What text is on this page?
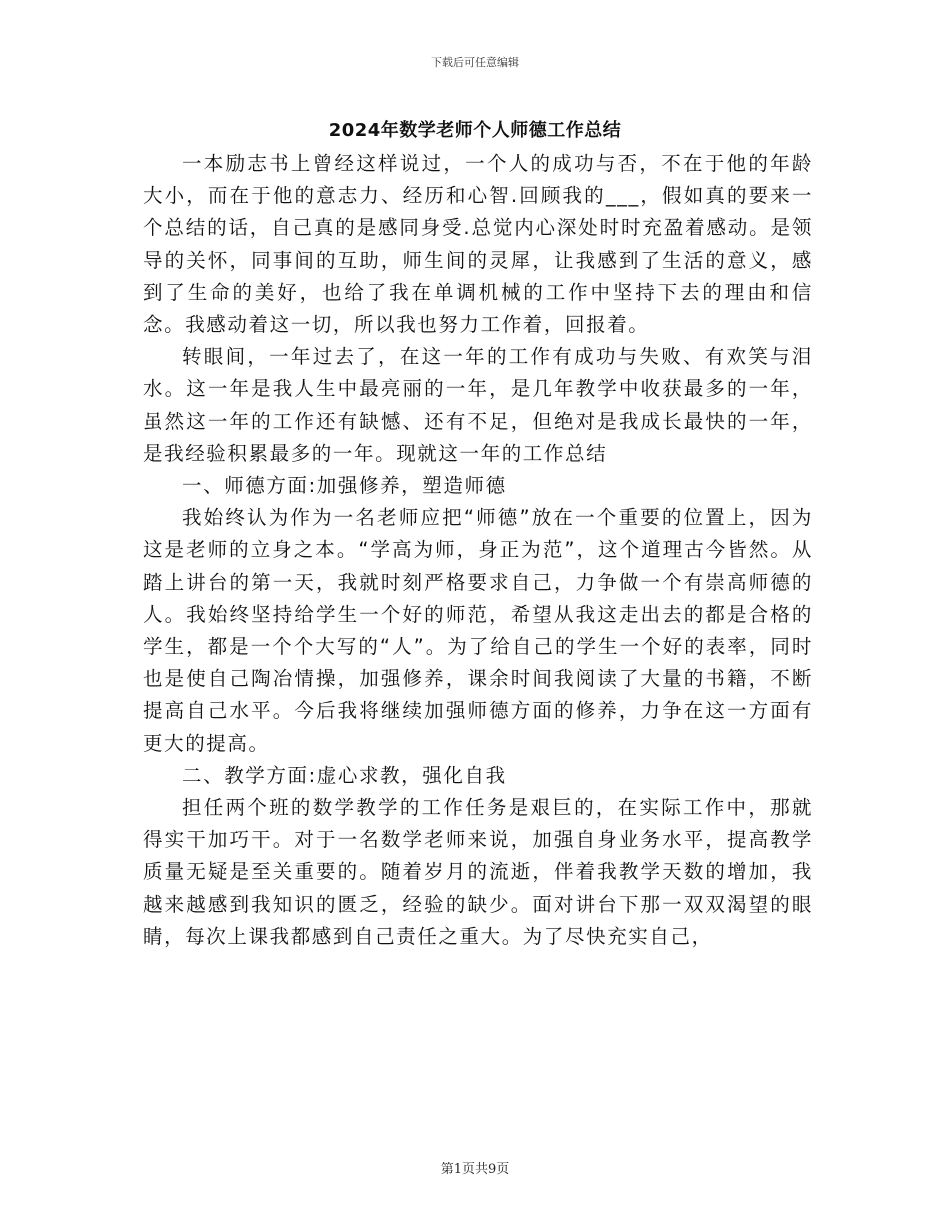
下载后可任意编辑
2024年数学老师个人师德工作总结

一本励志书上曾经这样说过，一个人的成功与否，不在于他的年龄大小，而在于他的意志力、经历和心智.回顾我的___，假如真的要来一个总结的话，自己真的是感同身受.总觉内心深处时时充盈着感动。是领导的关怀，同事间的互助，师生间的灵犀，让我感到了生活的意义，感到了生命的美好，也给了我在单调机械的工作中坚持下去的理由和信念。我感动着这一切，所以我也努力工作着，回报着。

转眼间，一年过去了，在这一年的工作有成功与失败、有欢笑与泪水。这一年是我人生中最亮丽的一年，是几年教学中收获最多的一年，虽然这一年的工作还有缺憾、还有不足，但绝对是我成长最快的一年，是我经验积累最多的一年。现就这一年的工作总结

一、师德方面:加强修养，塑造师德

我始终认为作为一名老师应把“师德”放在一个重要的位置上，因为这是老师的立身之本。“学高为师，身正为范”，这个道理古今皆然。从踏上讲台的第一天，我就时刻严格要求自己，力争做一个有崇高师德的人。我始终坚持给学生一个好的师范，希望从我这走出去的都是合格的学生，都是一个个大写的“人”。为了给自己的学生一个好的表率，同时也是使自己陶冶情操，加强修养，课余时间我阅读了大量的书籍，不断提高自己水平。今后我将继续加强师德方面的修养，力争在这一方面有更大的提高。

二、教学方面:虚心求教，强化自我

担任两个班的数学教学的工作任务是艰巨的，在实际工作中，那就得实干加巧干。对于一名数学老师来说，加强自身业务水平，提高教学质量无疑是至关重要的。随着岁月的流逝，伴着我教学天数的增加，我越来越感到我知识的匮乏，经验的缺少。面对讲台下那一双双渴望的眼睛，每次上课我都感到自己责任之重大。为了尽快充实自己，

第1页共9页
